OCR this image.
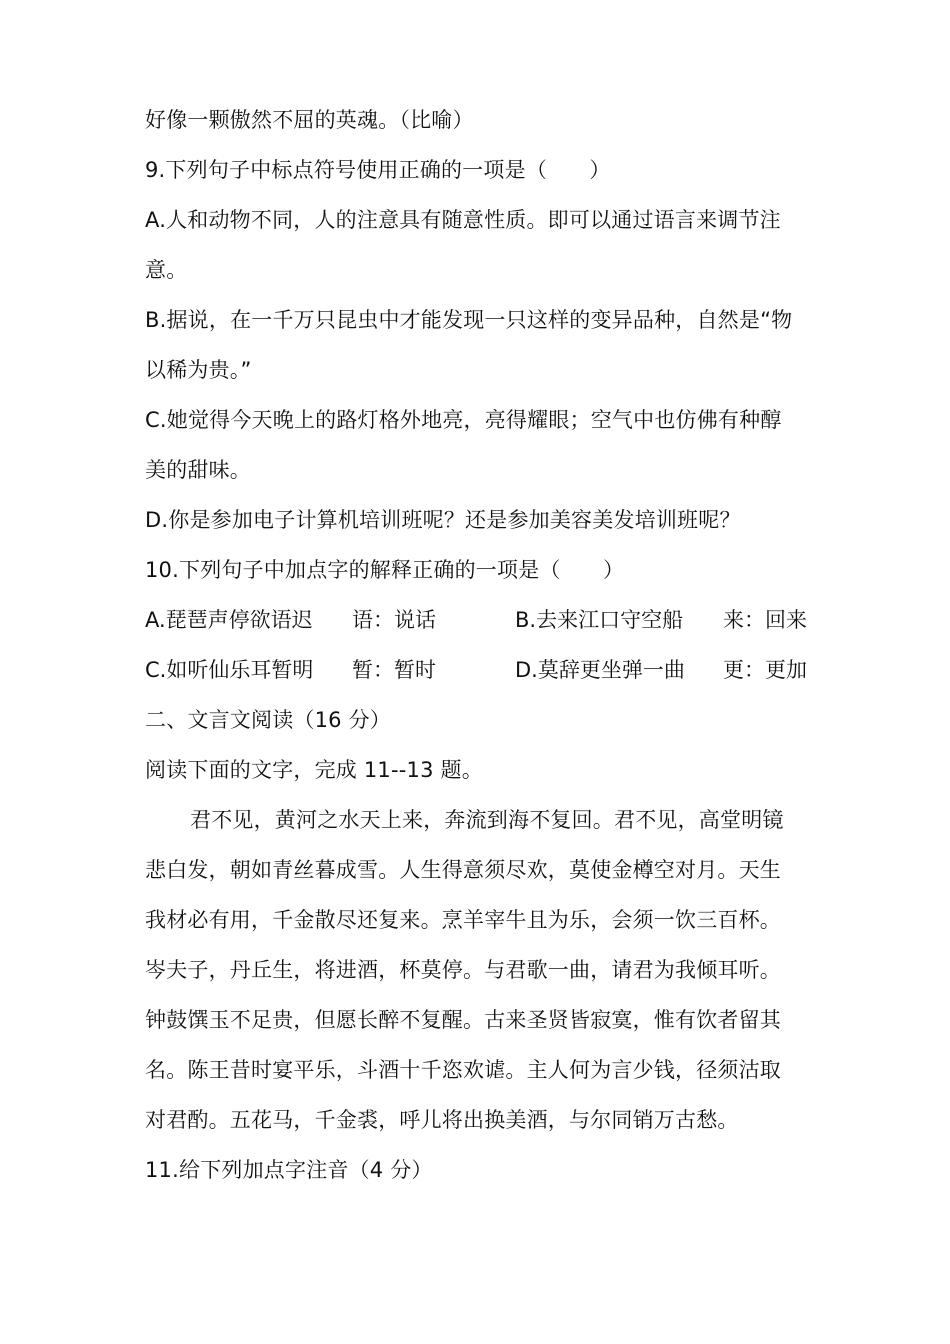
好像一颗傲然不屈的英魂。（比喻）
9.下列句子中标点符号使用正确的一项是（　　）
A.人和动物不同，人的注意具有随意性质。即可以通过语言来调节注
意。
B.据说，在一千万只昆虫中才能发现一只这样的变异品种，自然是“物
以稀为贵。”
C.她觉得今天晚上的路灯格外地亮，亮得耀眼；空气中也仿佛有种醇
美的甜味。
D.你是参加电子计算机培训班呢？还是参加美容美发培训班呢？
10.下列句子中加点字的解释正确的一项是（　　）
A.琵琶声停欲语迟 语：说话	B.去来江口守空船 来：回来
C.如听仙乐耳暂明 暂：暂时	D.莫辞更坐弹一曲 更：更加
二、文言文阅读（16 分）
阅读下面的文字，完成 11--13 题。
君不见，黄河之水天上来，奔流到海不复回。君不见，高堂明镜
悲白发，朝如青丝暮成雪。人生得意须尽欢，莫使金樽空对月。天生
我材必有用，千金散尽还复来。烹羊宰牛且为乐，会须一饮三百杯。
岑夫子，丹丘生，将进酒，杯莫停。与君歌一曲，请君为我倾耳听。
钟鼓馔玉不足贵，但愿长醉不复醒。古来圣贤皆寂寞，惟有饮者留其
名。陈王昔时宴平乐，斗酒十千恣欢谑。主人何为言少钱，径须沽取
对君酌。五花马，千金裘，呼儿将出换美酒，与尔同销万古愁。
11.给下列加点字注音（4 分）
